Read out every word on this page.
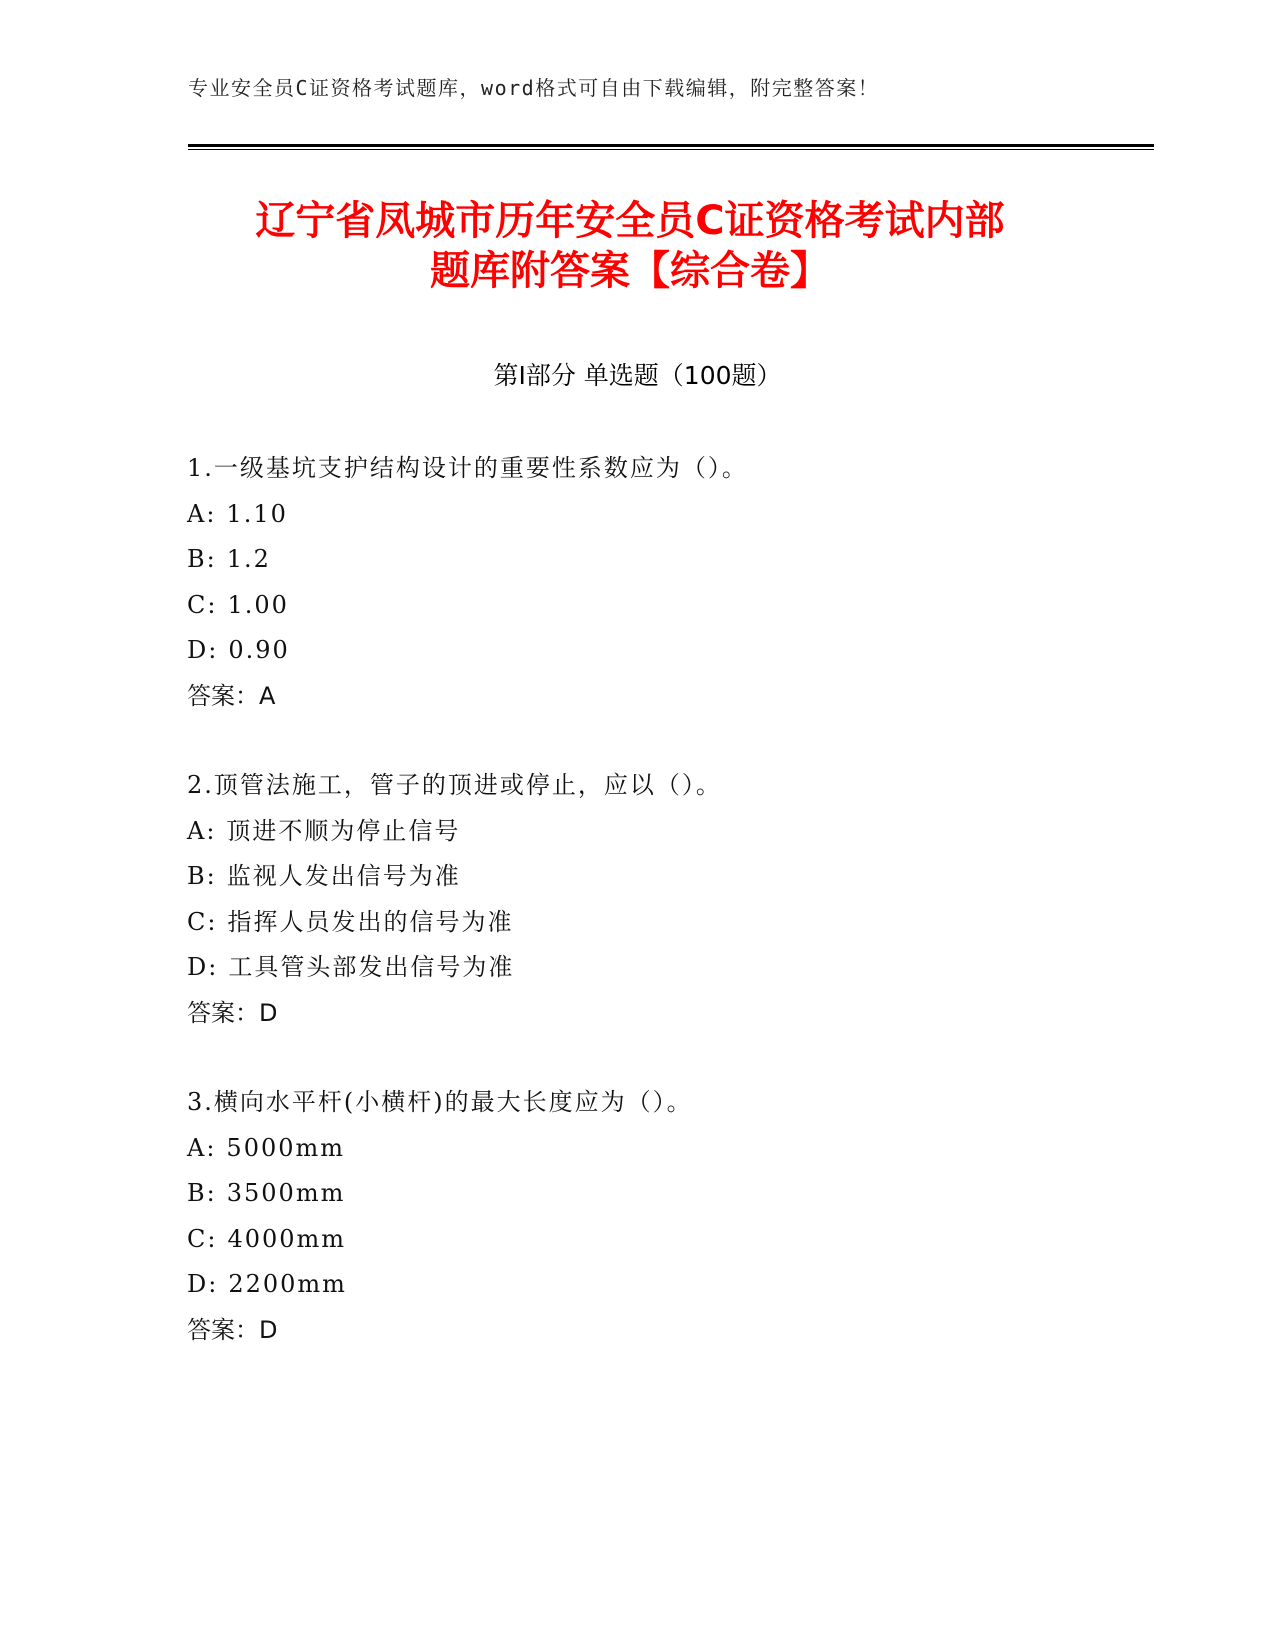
专业安全员C证资格考试题库，word格式可自由下载编辑，附完整答案！
辽宁省凤城市历年安全员C证资格考试内部
题库附答案【综合卷】
第Ⅰ部分 单选题（100题）
1.一级基坑支护结构设计的重要性系数应为（）。
A: 1.10
B: 1.2
C: 1.00
D: 0.90
答案：A
2.顶管法施工，管子的顶进或停止，应以（）。
A: 顶进不顺为停止信号
B: 监视人发出信号为准
C: 指挥人员发出的信号为准
D: 工具管头部发出信号为准
答案：D
3.横向水平杆(小横杆)的最大长度应为（）。
A: 5000mm
B: 3500mm
C: 4000mm
D: 2200mm
答案：D
